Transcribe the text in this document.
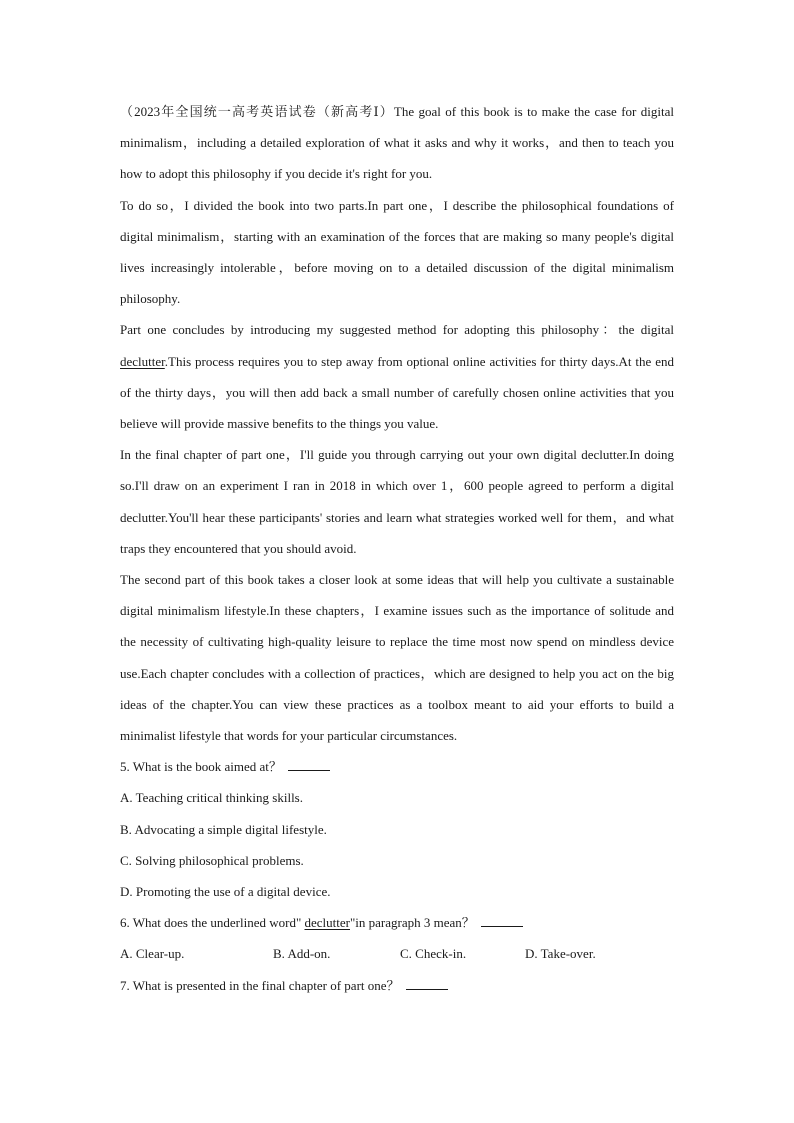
（2023年全国统一高考英语试卷（新高考Ⅰ）The goal of this book is to make the case for digital minimalism，including a detailed exploration of what it asks and why it works，and then to teach you how to adopt this philosophy if you decide it's right for you.

To do so，I divided the book into two parts.In part one，I describe the philosophical foundations of digital minimalism，starting with an examination of the forces that are making so many people's digital lives increasingly intolerable，before moving on to a detailed discussion of the digital minimalism philosophy.

Part one concludes by introducing my suggested method for adopting this philosophy：the digital declutter.This process requires you to step away from optional online activities for thirty days.At the end of the thirty days，you will then add back a small number of carefully chosen online activities that you believe will provide massive benefits to the things you value.

In the final chapter of part one，I'll guide you through carrying out your own digital declutter.In doing so.I'll draw on an experiment I ran in 2018 in which over 1，600 people agreed to perform a digital declutter.You'll hear these participants' stories and learn what strategies worked well for them，and what traps they encountered that you should avoid.

The second part of this book takes a closer look at some ideas that will help you cultivate a sustainable digital minimalism lifestyle.In these chapters，I examine issues such as the importance of solitude and the necessity of cultivating high-quality leisure to replace the time most now spend on mindless device use.Each chapter concludes with a collection of practices，which are designed to help you act on the big ideas of the chapter.You can view these practices as a toolbox meant to aid your efforts to build a minimalist lifestyle that words for your particular circumstances.

5. What is the book aimed at？

A. Teaching critical thinking skills.

B. Advocating a simple digital lifestyle.

C. Solving philosophical problems.

D. Promoting the use of a digital device.

6. What does the underlined word" declutter"in paragraph 3 mean？

A. Clear-up.	B. Add-on.	C. Check-in.	D. Take-over.

7. What is presented in the final chapter of part one？
